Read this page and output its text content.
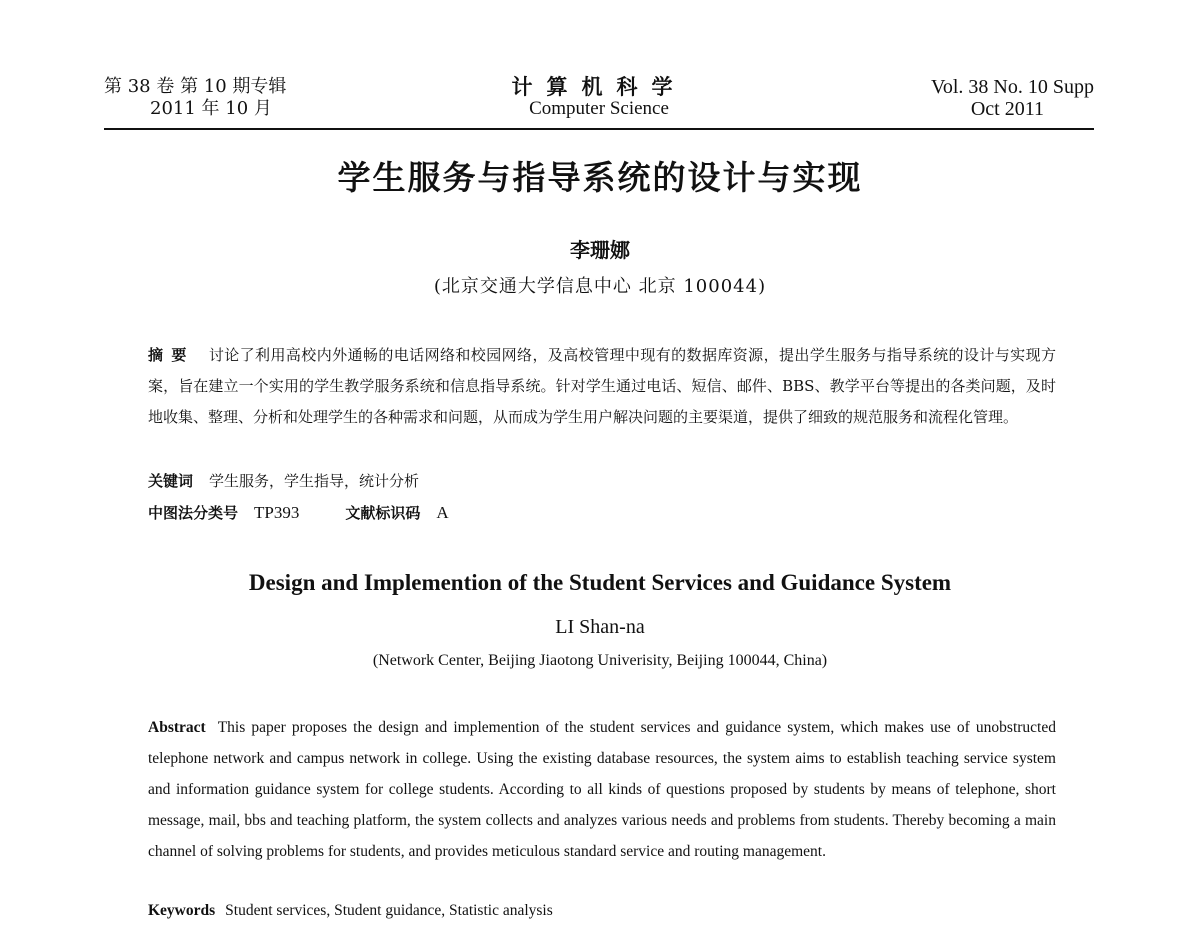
第 38 卷 第 10 期专辑
2011 年 10 月
计算机科学
Computer Science
Vol. 38 No. 10 Supp
Oct 2011
学生服务与指导系统的设计与实现
李珊娜
(北京交通大学信息中心 北京 100044)
摘要 讨论了利用高校内外通畅的电话网络和校园网络，及高校管理中现有的数据库资源，提出学生服务与指导系统的设计与实现方案，旨在建立一个实用的学生教学服务系统和信息指导系统。针对学生通过电话、短信、邮件、BBS、教学平台等提出的各类问题，及时地收集、整理、分析和处理学生的各种需求和问题，从而成为学生用户解决问题的主要渠道，提供了细致的规范服务和流程化管理。
关键词 学生服务，学生指导，统计分析
中图法分类号 TP393	文献标识码 A
Design and Implemention of the Student Services and Guidance System
LI Shan-na
(Network Center, Beijing Jiaotong Univerisity, Beijing 100044, China)
Abstract This paper proposes the design and implemention of the student services and guidance system, which makes use of unobstructed telephone network and campus network in college. Using the existing database resources, the system aims to establish teaching service system and information guidance system for college students. According to all kinds of questions proposed by students by means of telephone, short message, mail, bbs and teaching platform, the system collects and analyzes various needs and problems from students. Thereby becoming a main channel of solving problems for students, and provides meticulous standard service and routing management.
Keywords Student services, Student guidance, Statistic analysis
